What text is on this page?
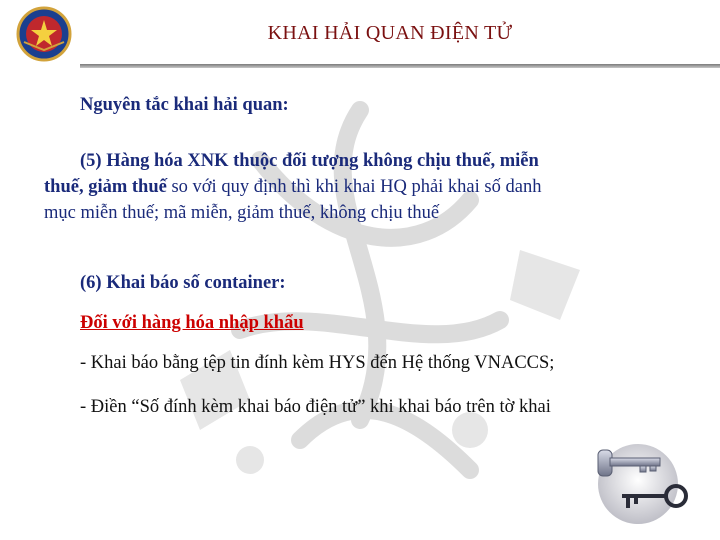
KHAI HẢI QUAN ĐIỆN TỬ
Nguyên tắc khai hải quan:
(5) Hàng hóa XNK thuộc đối tượng không chịu thuế, miễn
thuế, giảm thuế so với quy định thì khi khai HQ phải khai số danh
mục miễn thuế; mã miễn, giảm thuế, không chịu thuế
(6) Khai báo số container:
Đối với hàng hóa nhập khẩu
- Khai báo bằng tệp tin đính kèm HYS đến Hệ thống VNACCS;
- Điền “Số đính kèm khai báo điện tử” khi khai báo trên tờ khai
